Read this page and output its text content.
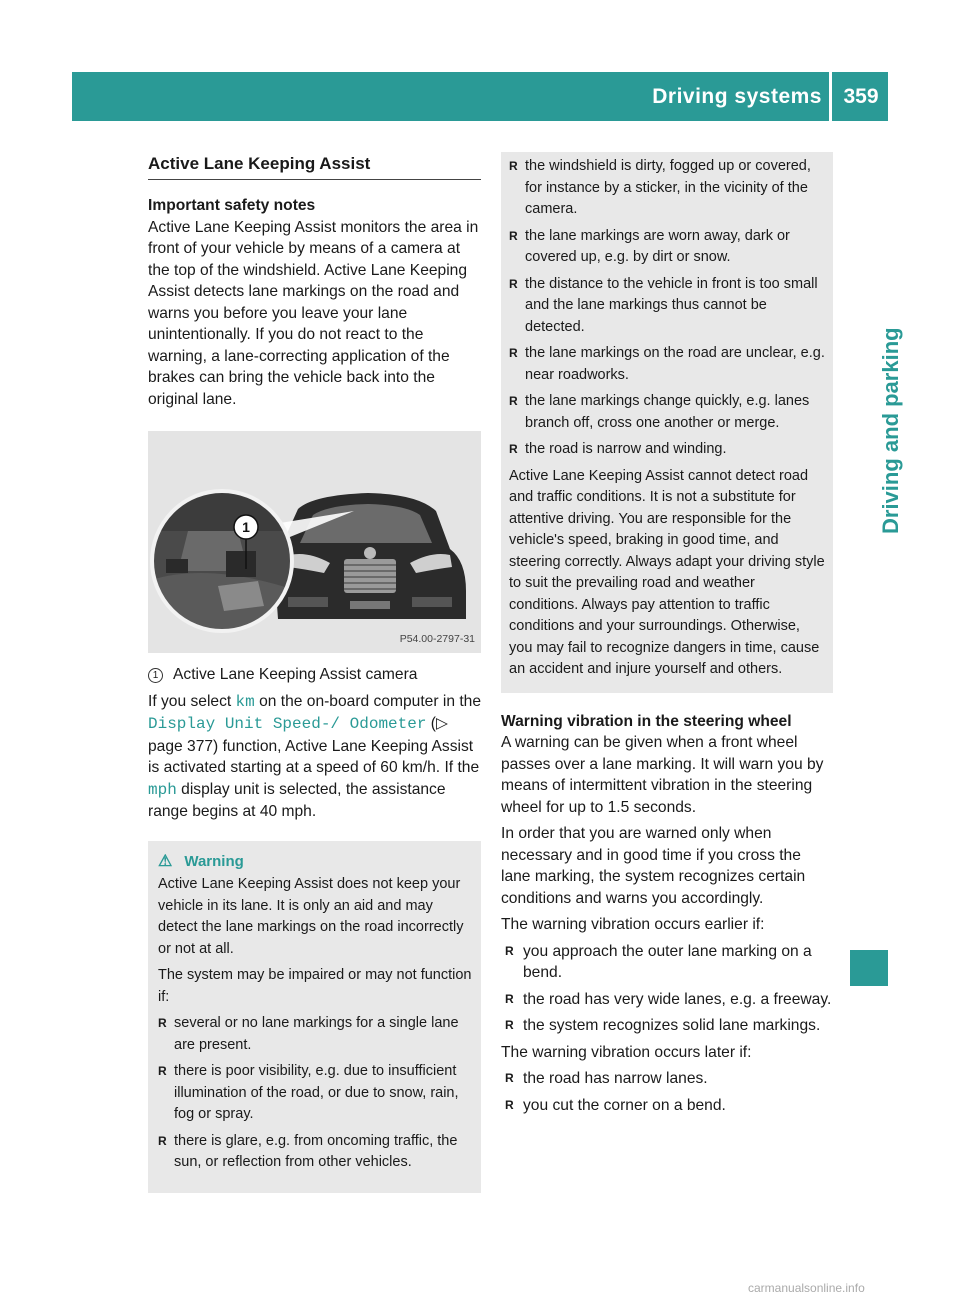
Driving systems	359
Driving and parking
Active Lane Keeping Assist
Important safety notes

Active Lane Keeping Assist monitors the area in front of your vehicle by means of a camera at the top of the windshield. Active Lane Keeping Assist detects lane markings on the road and warns you before you leave your lane unintentionally. If you do not react to the warning, a lane-correcting application of the brakes can bring the vehicle back into the original lane.

1
P54.00-2797-31

1 Active Lane Keeping Assist camera

If you select km on the on-board computer in the Display Unit Speed-/ Odometer (▷ page 377) function, Active Lane Keeping Assist is activated starting at a speed of 60 km/h. If the mph display unit is selected, the assistance range begins at 40 mph.

⚠ Warning

Active Lane Keeping Assist does not keep your vehicle in its lane. It is only an aid and may detect the lane markings on the road incorrectly or not at all.

The system may be impaired or may not function if:

R several or no lane markings for a single lane are present.
R there is poor visibility, e.g. due to insufficient illumination of the road, or due to snow, rain, fog or spray.
R there is glare, e.g. from oncoming traffic, the sun, or reflection from other vehicles.
R the windshield is dirty, fogged up or covered, for instance by a sticker, in the vicinity of the camera.
R the lane markings are worn away, dark or covered up, e.g. by dirt or snow.
R the distance to the vehicle in front is too small and the lane markings thus cannot be detected.
R the lane markings on the road are unclear, e.g. near roadworks.
R the lane markings change quickly, e.g. lanes branch off, cross one another or merge.
R the road is narrow and winding.

Active Lane Keeping Assist cannot detect road and traffic conditions. It is not a substitute for attentive driving. You are responsible for the vehicle's speed, braking in good time, and steering correctly. Always adapt your driving style to suit the prevailing road and weather conditions. Always pay attention to traffic conditions and your surroundings. Otherwise, you may fail to recognize dangers in time, cause an accident and injure yourself and others.

Warning vibration in the steering wheel

A warning can be given when a front wheel passes over a lane marking. It will warn you by means of intermittent vibration in the steering wheel for up to 1.5 seconds.

In order that you are warned only when necessary and in good time if you cross the lane marking, the system recognizes certain conditions and warns you accordingly.

The warning vibration occurs earlier if:

R you approach the outer lane marking on a bend.
R the road has very wide lanes, e.g. a freeway.
R the system recognizes solid lane markings.

The warning vibration occurs later if:

R the road has narrow lanes.
R you cut the corner on a bend.
carmanualsonline.info
